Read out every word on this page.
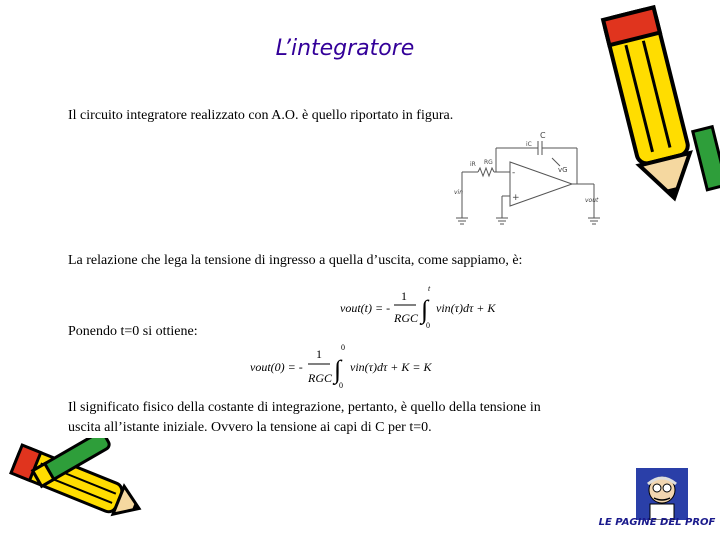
L’integratore
Il circuito integratore realizzato con A.O. è quello riportato in figura.
C
iC
iR RG
vG
vin
vout
-
+
La relazione che lega la tensione di ingresso a quella d’uscita, come sappiamo, è:
vout(t) = -
1
RGC ∫
t
0
vin(τ)dτ + K
Ponendo t=0 si ottiene:
vout(0) = -
1
RGC ∫
0
0
vin(τ)dτ + K = K
Il significato fisico della costante di integrazione, pertanto, è quello della tensione in
uscita all’istante iniziale. Ovvero la tensione ai capi di C per t=0.
LE PAGINE DEL PROF
